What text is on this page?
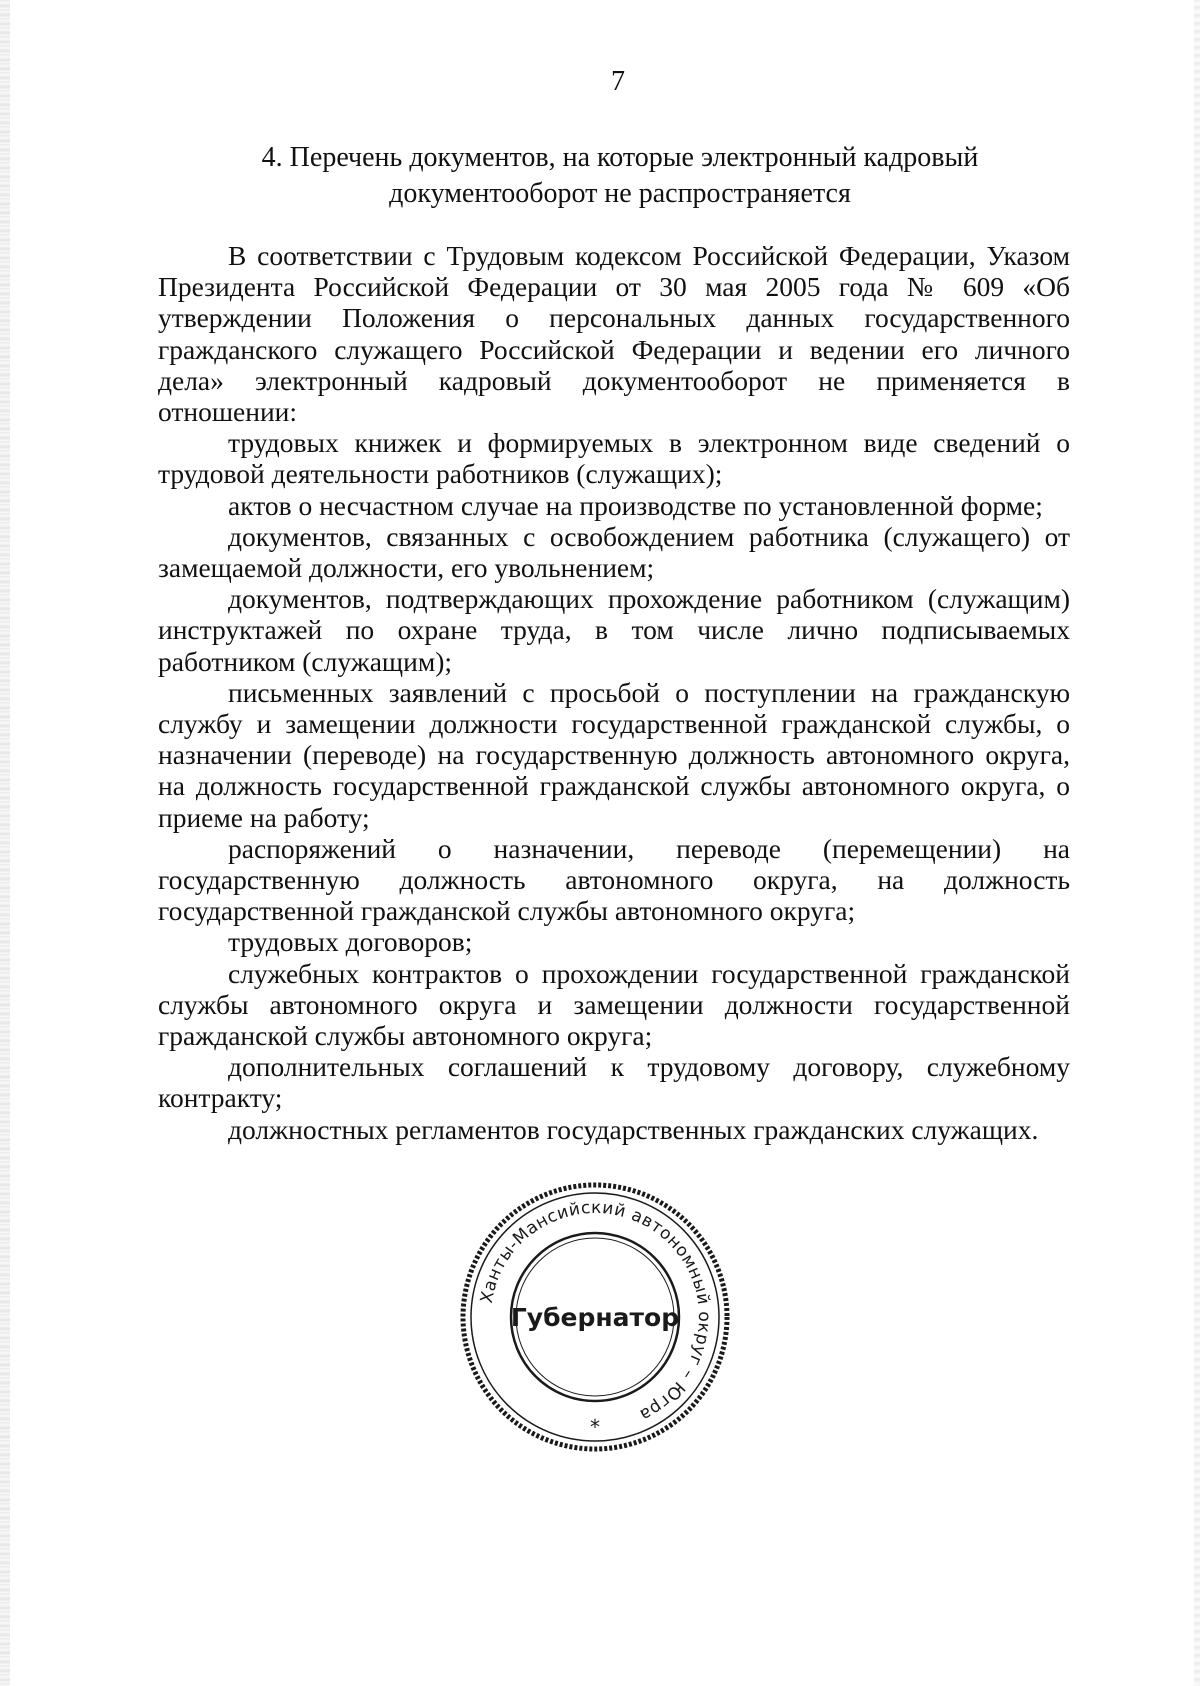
7
4. Перечень документов, на которые электронный кадровый
документооборот не распространяется

В соответствии с Трудовым кодексом Российской Федерации, Указом Президента Российской Федерации от 30 мая 2005 года № 609 «Об утверждении Положения о персональных данных государственного гражданского служащего Российской Федерации и ведении его личного дела» электронный кадровый документооборот не применяется в отношении:

трудовых книжек и формируемых в электронном виде сведений о трудовой деятельности работников (служащих);

актов о несчастном случае на производстве по установленной форме;

документов, связанных с освобождением работника (служащего) от замещаемой должности, его увольнением;

документов, подтверждающих прохождение работником (служащим) инструктажей по охране труда, в том числе лично подписываемых работником (служащим);

письменных заявлений с просьбой о поступлении на гражданскую службу и замещении должности государственной гражданской службы, о назначении (переводе) на государственную должность автономного округа, на должность государственной гражданской службы автономного округа, о приеме на работу;

распоряжений о назначении, переводе (перемещении) на государственную должность автономного округа, на должность государственной гражданской службы автономного округа;

трудовых договоров;

служебных контрактов о прохождении государственной гражданской службы автономного округа и замещении должности государственной гражданской службы автономного округа;

дополнительных соглашений к трудовому договору, служебному контракту;

должностных регламентов государственных гражданских служащих.

Ханты-Мансийский автономный округ – Югра
Губернатор
*
